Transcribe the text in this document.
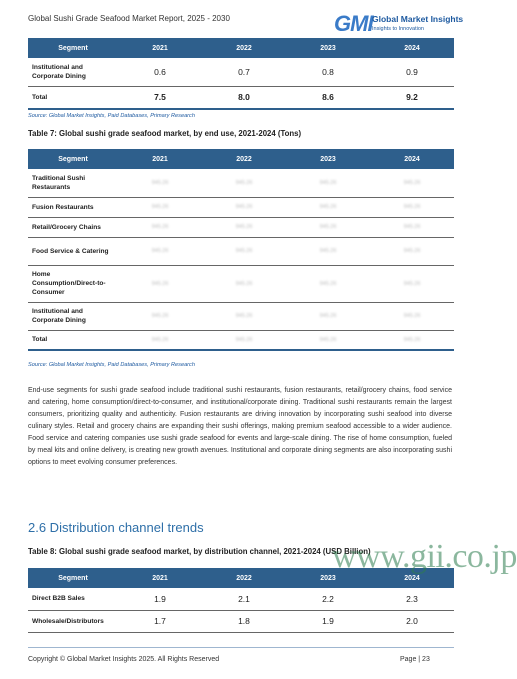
Global Sushi Grade Seafood Market Report, 2025 - 2030	GMI Global Market Insights
Insights to Innovation
Segment	2021	2022	2023	2024
Institutional and Corporate Dining	0.6	0.7	0.8	0.9
Total	7.5	8.0	8.6	9.2
Source: Global Market Insights, Paid Databases, Primary Research
Table 7: Global sushi grade seafood market, by end use, 2021-2024 (Tons)
Segment	2021	2022	2023	2024
Traditional Sushi Restaurants	945.26	945.26	945.26	945.26
Fusion Restaurants	945.26	945.26	945.26	945.26
Retail/Grocery Chains	945.26	945.26	945.26	945.26
Food Service & Catering	945.26	945.26	945.26	945.26
Home Consumption/Direct-to-Consumer	945.26	945.26	945.26	945.26
Institutional and Corporate Dining	945.26	945.26	945.26	945.26
Total	945.26	945.26	945.26	945.26
Source: Global Market Insights, Paid Databases, Primary Research
End-use segments for sushi grade seafood include traditional sushi restaurants, fusion restaurants, retail/grocery chains, food service and catering, home consumption/direct-to-consumer, and institutional/corporate dining. Traditional sushi restaurants remain the largest consumers, prioritizing quality and authenticity. Fusion restaurants are driving innovation by incorporating sushi seafood into diverse culinary styles. Retail and grocery chains are expanding their sushi offerings, making premium seafood accessible to a wider audience. Food service and catering companies use sushi grade seafood for events and large-scale dining. The rise of home consumption, fueled by meal kits and online delivery, is creating new growth avenues. Institutional and corporate dining segments are also incorporating sushi options to meet evolving consumer preferences.
2.6 Distribution channel trends
Table 8: Global sushi grade seafood market, by distribution channel, 2021-2024 (USD Billion)
Segment	2021	2022	2023	2024
Direct B2B Sales	1.9	2.1	2.2	2.3
Wholesale/Distributors	1.7	1.8	1.9	2.0
www.gii.co.jp
Copyright © Global Market Insights 2025. All Rights Reserved	Page | 23
